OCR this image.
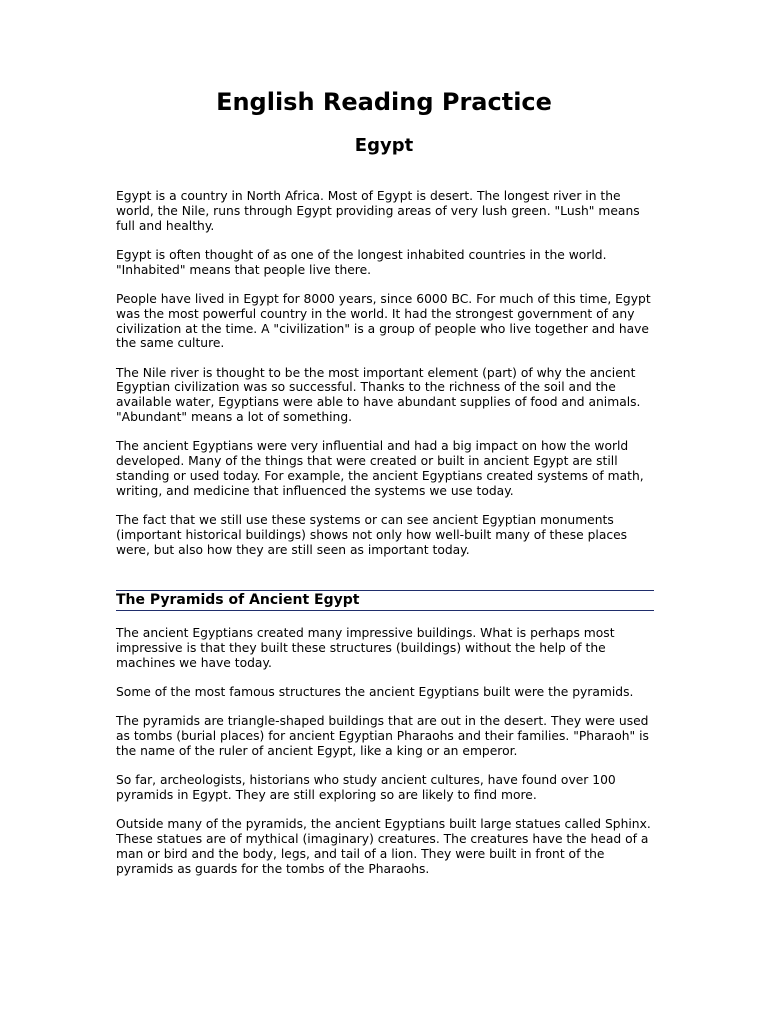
English Reading Practice
Egypt

Egypt is a country in North Africa. Most of Egypt is desert. The longest river in the world, the Nile, runs through Egypt providing areas of very lush green. "Lush" means full and healthy.

Egypt is often thought of as one of the longest inhabited countries in the world. "Inhabited" means that people live there.

People have lived in Egypt for 8000 years, since 6000 BC. For much of this time, Egypt was the most powerful country in the world. It had the strongest government of any civilization at the time. A "civilization" is a group of people who live together and have the same culture.

The Nile river is thought to be the most important element (part) of why the ancient Egyptian civilization was so successful. Thanks to the richness of the soil and the available water, Egyptians were able to have abundant supplies of food and animals. "Abundant" means a lot of something.

The ancient Egyptians were very influential and had a big impact on how the world developed. Many of the things that were created or built in ancient Egypt are still standing or used today. For example, the ancient Egyptians created systems of math, writing, and medicine that influenced the systems we use today.

The fact that we still use these systems or can see ancient Egyptian monuments (important historical buildings) shows not only how well-built many of these places were, but also how they are still seen as important today.

The Pyramids of Ancient Egypt

The ancient Egyptians created many impressive buildings. What is perhaps most impressive is that they built these structures (buildings) without the help of the machines we have today.

Some of the most famous structures the ancient Egyptians built were the pyramids.

The pyramids are triangle-shaped buildings that are out in the desert. They were used as tombs (burial places) for ancient Egyptian Pharaohs and their families. "Pharaoh" is the name of the ruler of ancient Egypt, like a king or an emperor.

So far, archeologists, historians who study ancient cultures, have found over 100 pyramids in Egypt. They are still exploring so are likely to find more.

Outside many of the pyramids, the ancient Egyptians built large statues called Sphinx. These statues are of mythical (imaginary) creatures. The creatures have the head of a man or bird and the body, legs, and tail of a lion. They were built in front of the pyramids as guards for the tombs of the Pharaohs.
